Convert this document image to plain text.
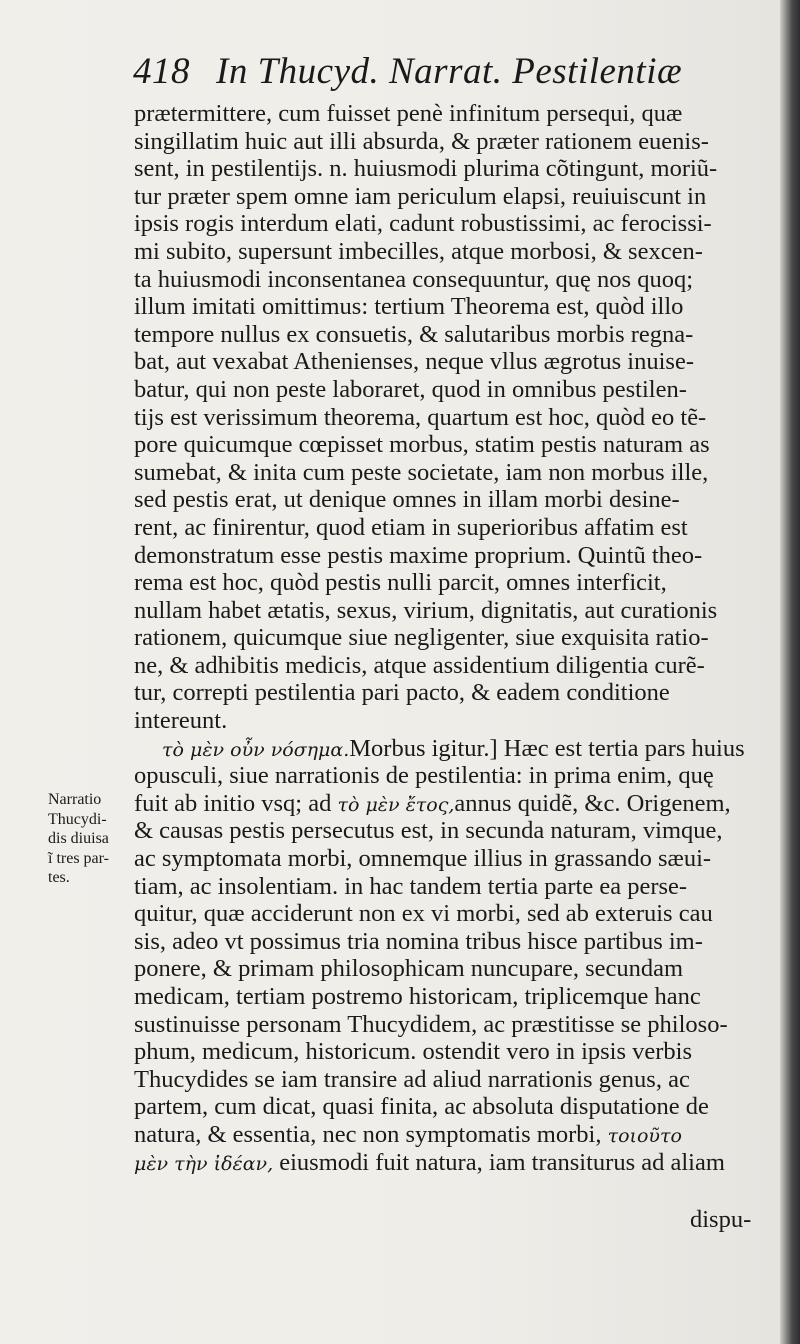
418 In Thucyd. Narrat. Pestilentiæ
prætermittere, cum fuisset penè infinitum persequi, quæ
singillatim huic aut illi absurda, & præter rationem euenis-
sent, in pestilentijs. n. huiusmodi plurima cõtingunt, moriũ-
tur præter spem omne iam periculum elapsi, reuiuiscunt in
ipsis rogis interdum elati, cadunt robustissimi, ac ferocissi-
mi subito, supersunt imbecilles, atque morbosi, & sexcen-
ta huiusmodi inconsentanea consequuntur, quę nos quoq;
illum imitati omittimus: tertium Theorema est, quòd illo
tempore nullus ex consuetis, & salutaribus morbis regna-
bat, aut vexabat Athenienses, neque vllus ægrotus inuise-
batur, qui non peste laboraret, quod in omnibus pestilen-
tijs est verissimum theorema, quartum est hoc, quòd eo tẽ-
pore quicumque cœpisset morbus, statim pestis naturam as
sumebat, & inita cum peste societate, iam non morbus ille,
sed pestis erat, ut denique omnes in illam morbi desine-
rent, ac finirentur, quod etiam in superioribus affatim est
demonstratum esse pestis maxime proprium. Quintũ theo-
rema est hoc, quòd pestis nulli parcit, omnes interficit,
nullam habet ætatis, sexus, virium, dignitatis, aut curationis
rationem, quicumque siue negligenter, siue exquisita ratio-
ne, & adhibitis medicis, atque assidentium diligentia curẽ-
tur, correpti pestilentia pari pacto, & eadem conditione
intereunt.
τὸ μὲν οὖν νόσημα.Morbus igitur.] Hæc est tertia pars huius
opusculi, siue narrationis de pestilentia: in prima enim, quę
fuit ab initio vsq; ad τὸ μὲν ἔτος,annus quidẽ, &c. Origenem,
& causas pestis persecutus est, in secunda naturam, vimque,
ac symptomata morbi, omnemque illius in grassando sæui-
tiam, ac insolentiam. in hac tandem tertia parte ea perse-
quitur, quæ acciderunt non ex vi morbi, sed ab exteruis cau
sis, adeo vt possimus tria nomina tribus hisce partibus im-
ponere, & primam philosophicam nuncupare, secundam
medicam, tertiam postremo historicam, triplicemque hanc
sustinuisse personam Thucydidem, ac præstitisse se philoso-
phum, medicum, historicum. ostendit vero in ipsis verbis
Thucydides se iam transire ad aliud narrationis genus, ac
partem, cum dicat, quasi finita, ac absoluta disputatione de
natura, & essentia, nec non symptomatis morbi, τοιοῦτο
μὲν τὴν ἰδέαν, eiusmodi fuit natura, iam transiturus ad aliam
dispu-
Narratio
Thucydi-
dis diuisa
ĩ tres par-
tes.
